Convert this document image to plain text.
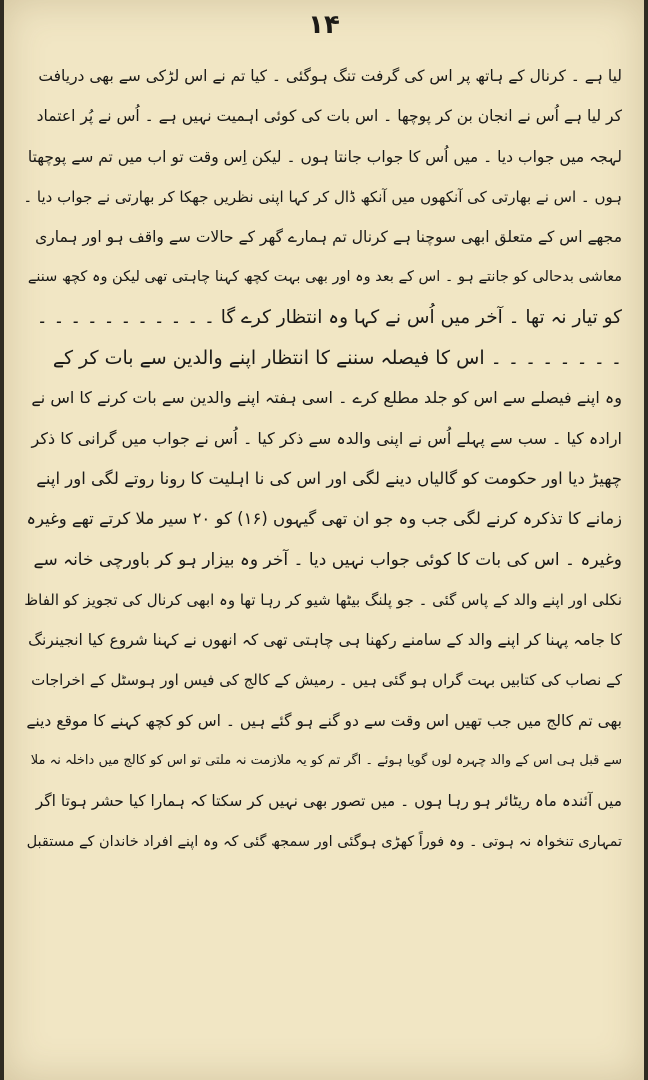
۱۴
لیا ہے ۔ کرنال کے ہاتھ پر اس کی گرفت تنگ ہوگئی ۔ کیا تم نے اس لڑکی سے بھی دریافت
کر لیا ہے اُس نے انجان بن کر پوچھا ۔ اس بات کی کوئی اہمیت نہیں ہے ۔ اُس نے پُر اعتماد
لہجہ میں جواب دیا ۔ میں اُس کا جواب جانتا ہوں ۔ لیکن اِس وقت تو اب میں تم سے پوچھتا
ہوں ۔ اس نے بھارتی کی آنکھوں میں آنکھ ڈال کر کہا اپنی نظریں جھکا کر بھارتی نے جواب دیا ۔
مجھے اس کے متعلق ابھی سوچنا ہے کرنال تم ہمارے گھر کے حالات سے واقف ہو اور ہماری
معاشی بدحالی کو جانتے ہو ۔ اس کے بعد وہ اور بھی بہت کچھ کہنا چاہتی تھی لیکن وہ کچھ سننے
کو تیار نہ تھا ۔ آخر میں اُس نے کہا وہ انتظار کرے گا ۔ ۔ ۔ ۔ ۔ ۔ ۔ ۔ ۔ ۔ ۔
۔ ۔ ۔ ۔ ۔ ۔ ۔ ۔ اس کا فیصلہ سننے کا انتظار اپنے والدین سے بات کر کے
وہ اپنے فیصلے سے اس کو جلد مطلع کرے ۔ اسی ہفتہ اپنے والدین سے بات کرنے کا اس نے
ارادہ کیا ۔ سب سے پہلے اُس نے اپنی والدہ سے ذکر کیا ۔ اُس نے جواب میں گرانی کا ذکر
چھیڑ دیا اور حکومت کو گالیاں دینے لگی اور اس کی نا اہلیت کا رونا روتے لگی اور اپنے
زمانے کا تذکرہ کرنے لگی جب وہ جو ان تھی گیہوں (۱۶) کو ۲۰ سیر ملا کرتے تھے وغیرہ
وغیرہ ۔ اس کی بات کا کوئی جواب نہیں دیا ۔ آخر وہ بیزار ہو کر باورچی خانہ سے
نکلی اور اپنے والد کے پاس گئی ۔ جو پلنگ بیٹھا شیو کر رہا تھا وہ ابھی کرنال کی تجویز کو الفاظ
کا جامہ پہنا کر اپنے والد کے سامنے رکھنا ہی چاہتی تھی کہ انھوں نے کہنا شروع کیا انجینرنگ
کے نصاب کی کتابیں بہت گراں ہو گئی ہیں ۔ رمیش کے کالج کی فیس اور ہوسٹل کے اخراجات
بھی تم کالج میں جب تھیں اس وقت سے دو گنے ہو گئے ہیں ۔ اس کو کچھ کہنے کا موقع دینے
سے قبل ہی اس کے والد چہرہ لوں گویا ہوئے ۔ اگر تم کو یہ ملازمت نہ ملتی تو اس کو کالج میں داخلہ نہ ملا
میں آئندہ ماہ ریٹائر ہو رہا ہوں ۔ میں تصور بھی نہیں کر سکتا کہ ہمارا کیا حشر ہوتا اگر
تمہاری تنخواہ نہ ہوتی ۔ وہ فوراً کھڑی ہوگئی اور سمجھ گئی کہ وہ اپنے افراد خاندان کے مستقبل
